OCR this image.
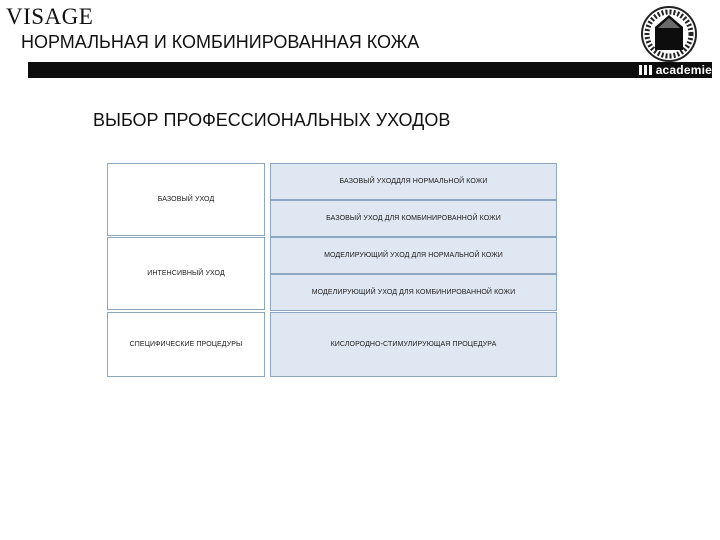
VISAGE
НОРМАЛЬНАЯ И КОМБИНИРОВАННАЯ КОЖА
academie
ВЫБОР ПРОФЕССИОНАЛЬНЫХ УХОДОВ
БАЗОВЫЙ УХОД
ИНТЕНСИВНЫЙ УХОД
СПЕЦИФИЧЕСКИЕ ПРОЦЕДУРЫ
БАЗОВЫЙ УХОДДЛЯ НОРМАЛЬНОЙ КОЖИ
БАЗОВЫЙ УХОД ДЛЯ КОМБИНИРОВАННОЙ КОЖИ
МОДЕЛИРУЮЩИЙ УХОД ДЛЯ НОРМАЛЬНОЙ КОЖИ
МОДЕЛИРУЮЩИЙ УХОД ДЛЯ КОМБИНИРОВАННОЙ КОЖИ
КИСЛОРОДНО-СТИМУЛИРУЮЩАЯ ПРОЦЕДУРА
